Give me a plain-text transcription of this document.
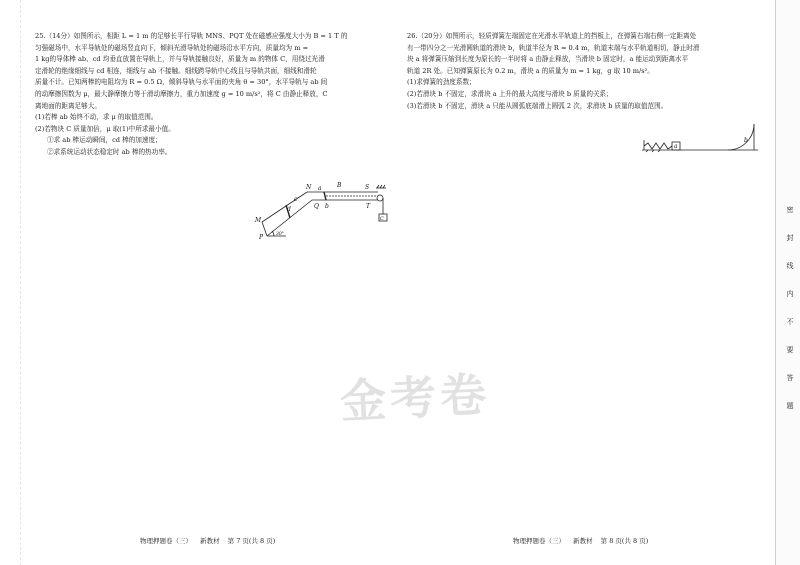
25.（14分）如图所示，相距 L = 1 m 的足够长平行导轨 MNS、PQT 处在磁感应强度大小为 B = 1 T 的

匀强磁场中，水平导轨处的磁场竖直向下，倾斜光滑导轨处的磁场沿水平方向，质量均为 m =

1 kg的导体棒 ab、cd 均垂直放置在导轨上，并与导轨接触良好，质量为 m 的物体 C，用绕过光滑

定滑轮的绝缘细线与 cd 相连，细线与 ab 不接触。细线跨导轨中心线且与导轨共面，细线和滑轮

质量不计。已知两棒的电阻均为 R = 0.5 Ω，倾斜导轨与水平面的夹角 θ = 30°，水平导轨与 ab 间

的动摩擦因数为 μ，最大静摩擦力等于滑动摩擦力，重力加速度 g = 10 m/s²，将 C 由静止释放，C

离地面的距离足够大。

(1)若棒 ab 始终不动，求 μ 的取值范围。

(2)若物块 C 质量加倍，μ 取(1)中所求最小值。

①求 ab 棒运动瞬间，cd 棒的加速度；

②求系统运动状态稳定时 ab 棒的热功率。

N a	B	S
c
d	Q b	T
C
M
P	30°
物理押题卷（三） 新教材 第 7 页(共 8 页)

26.（20分）如图所示，轻质弹簧左端固定在光滑水平轨道上的挡板上，在弹簧右端右侧一定距离处

有一带四分之一光滑圆轨道的滑块 b，轨道半径为 R = 0.4 m，轨道末端与水平轨道相切，静止时滑

块 a 将弹簧压缩到长度为原长的一半时将 a 由静止释放，当滑块 b 固定时，a 能运动到距离水平

轨道 2R 处。已知弹簧原长为 0.2 m，滑块 a 的质量为 m = 1 kg，g 取 10 m/s²。

(1)求弹簧的劲度系数；

(2)若滑块 b 不固定，求滑块 a 上升的最大高度与滑块 b 质量的关系；

(3)若滑块 b 不固定，滑块 a 只能从圆弧底端滑上圆弧 2 次，求滑块 b 质量的取值范围。

a
b
物理押题卷（三） 新教材 第 8 页(共 8 页)
金考卷
密
封
线
内
不
要
答
题
